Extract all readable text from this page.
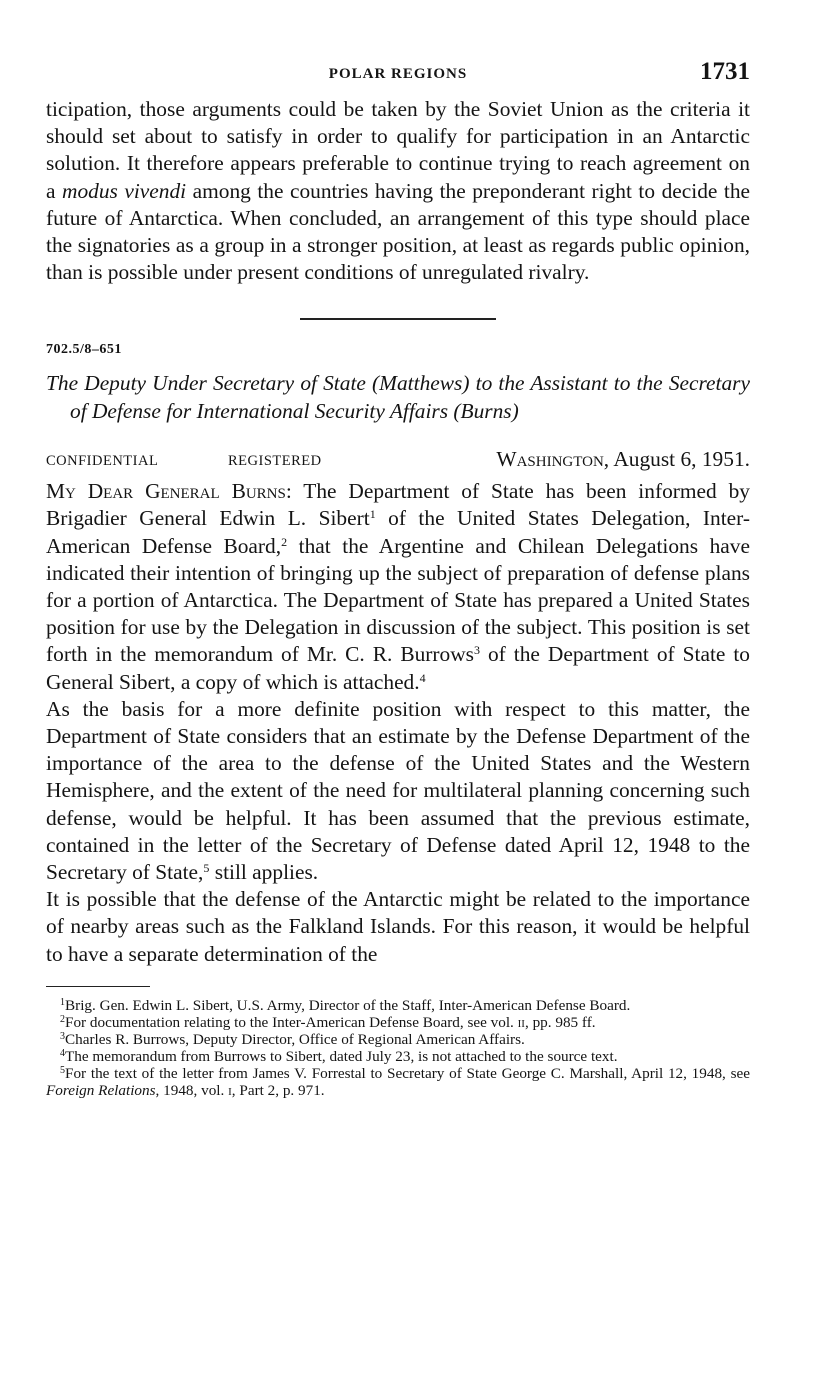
POLAR REGIONS	1731

ticipation, those arguments could be taken by the Soviet Union as the criteria it should set about to satisfy in order to qualify for participation in an Antarctic solution. It therefore appears preferable to continue trying to reach agreement on a modus vivendi among the countries having the preponderant right to decide the future of Antarctica. When concluded, an arrangement of this type should place the signatories as a group in a stronger position, at least as regards public opinion, than is possible under present conditions of unregulated rivalry.

702.5/8–651
The Deputy Under Secretary of State (Matthews) to the Assistant to the Secretary of Defense for International Security Affairs (Burns)
CONFIDENTIAL	REGISTERED	Washington, August 6, 1951.

My Dear General Burns: The Department of State has been informed by Brigadier General Edwin L. Sibert$^1$ of the United States Delegation, Inter-American Defense Board,$^2$ that the Argentine and Chilean Delegations have indicated their intention of bringing up the subject of preparation of defense plans for a portion of Antarctica. The Department of State has prepared a United States position for use by the Delegation in discussion of the subject. This position is set forth in the memorandum of Mr. C. R. Burrows$^3$ of the Department of State to General Sibert, a copy of which is attached.$^4$

As the basis for a more definite position with respect to this matter, the Department of State considers that an estimate by the Defense Department of the importance of the area to the defense of the United States and the Western Hemisphere, and the extent of the need for multilateral planning concerning such defense, would be helpful. It has been assumed that the previous estimate, contained in the letter of the Secretary of Defense dated April 12, 1948 to the Secretary of State,$^5$ still applies.

It is possible that the defense of the Antarctic might be related to the importance of nearby areas such as the Falkland Islands. For this reason, it would be helpful to have a separate determination of the

$^1$Brig. Gen. Edwin L. Sibert, U.S. Army, Director of the Staff, Inter-American Defense Board.

$^2$For documentation relating to the Inter-American Defense Board, see vol. ii, pp. 985 ff.

$^3$Charles R. Burrows, Deputy Director, Office of Regional American Affairs.

$^4$The memorandum from Burrows to Sibert, dated July 23, is not attached to the source text.

$^5$For the text of the letter from James V. Forrestal to Secretary of State George C. Marshall, April 12, 1948, see Foreign Relations, 1948, vol. i, Part 2, p. 971.
